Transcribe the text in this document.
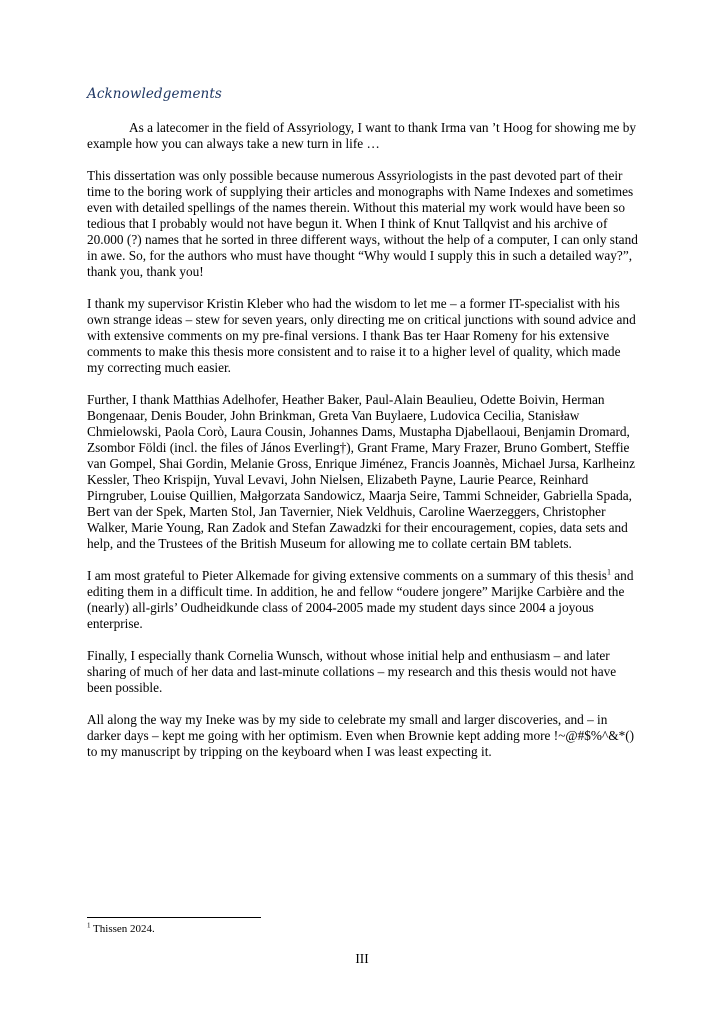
Acknowledgements

As a latecomer in the field of Assyriology, I want to thank Irma van ’t Hoog for showing me by example how you can always take a new turn in life …

This dissertation was only possible because numerous Assyriologists in the past devoted part of their time to the boring work of supplying their articles and monographs with Name Indexes and sometimes even with detailed spellings of the names therein. Without this material my work would have been so tedious that I probably would not have begun it. When I think of Knut Tallqvist and his archive of 20.000 (?) names that he sorted in three different ways, without the help of a computer, I can only stand in awe. So, for the authors who must have thought “Why would I supply this in such a detailed way?”, thank you, thank you!

I thank my supervisor Kristin Kleber who had the wisdom to let me – a former IT-specialist with his own strange ideas – stew for seven years, only directing me on critical junctions with sound advice and with extensive comments on my pre-final versions. I thank Bas ter Haar Romeny for his extensive comments to make this thesis more consistent and to raise it to a higher level of quality, which made my correcting much easier.

Further, I thank Matthias Adelhofer, Heather Baker, Paul-Alain Beaulieu, Odette Boivin, Herman Bongenaar, Denis Bouder, John Brinkman, Greta Van Buylaere, Ludovica Cecilia, Stanisław Chmielowski, Paola Corò, Laura Cousin, Johannes Dams, Mustapha Djabellaoui, Benjamin Dromard, Zsombor Földi (incl. the files of János Everling†), Grant Frame, Mary Frazer, Bruno Gombert, Steffie van Gompel, Shai Gordin, Melanie Gross, Enrique Jiménez, Francis Joannès, Michael Jursa, Karlheinz Kessler, Theo Krispijn, Yuval Levavi, John Nielsen, Elizabeth Payne, Laurie Pearce, Reinhard Pirngruber, Louise Quillien, Małgorzata Sandowicz, Maarja Seire, Tammi Schneider, Gabriella Spada, Bert van der Spek, Marten Stol, Jan Tavernier, Niek Veldhuis, Caroline Waerzeggers, Christopher Walker, Marie Young, Ran Zadok and Stefan Zawadzki for their encouragement, copies, data sets and help, and the Trustees of the British Museum for allowing me to collate certain BM tablets.

I am most grateful to Pieter Alkemade for giving extensive comments on a summary of this thesis$^1$ and editing them in a difficult time. In addition, he and fellow “oudere jongere” Marijke Carbière and the (nearly) all-girls’ Oudheidkunde class of 2004-2005 made my student days since 2004 a joyous enterprise.

Finally, I especially thank Cornelia Wunsch, without whose initial help and enthusiasm – and later sharing of much of her data and last-minute collations – my research and this thesis would not have been possible.

All along the way my Ineke was by my side to celebrate my small and larger discoveries, and – in darker days – kept me going with her optimism. Even when Brownie kept adding more !~@#$%^&*() to my manuscript by tripping on the keyboard when I was least expecting it.

$^1$ Thissen 2024.
III
